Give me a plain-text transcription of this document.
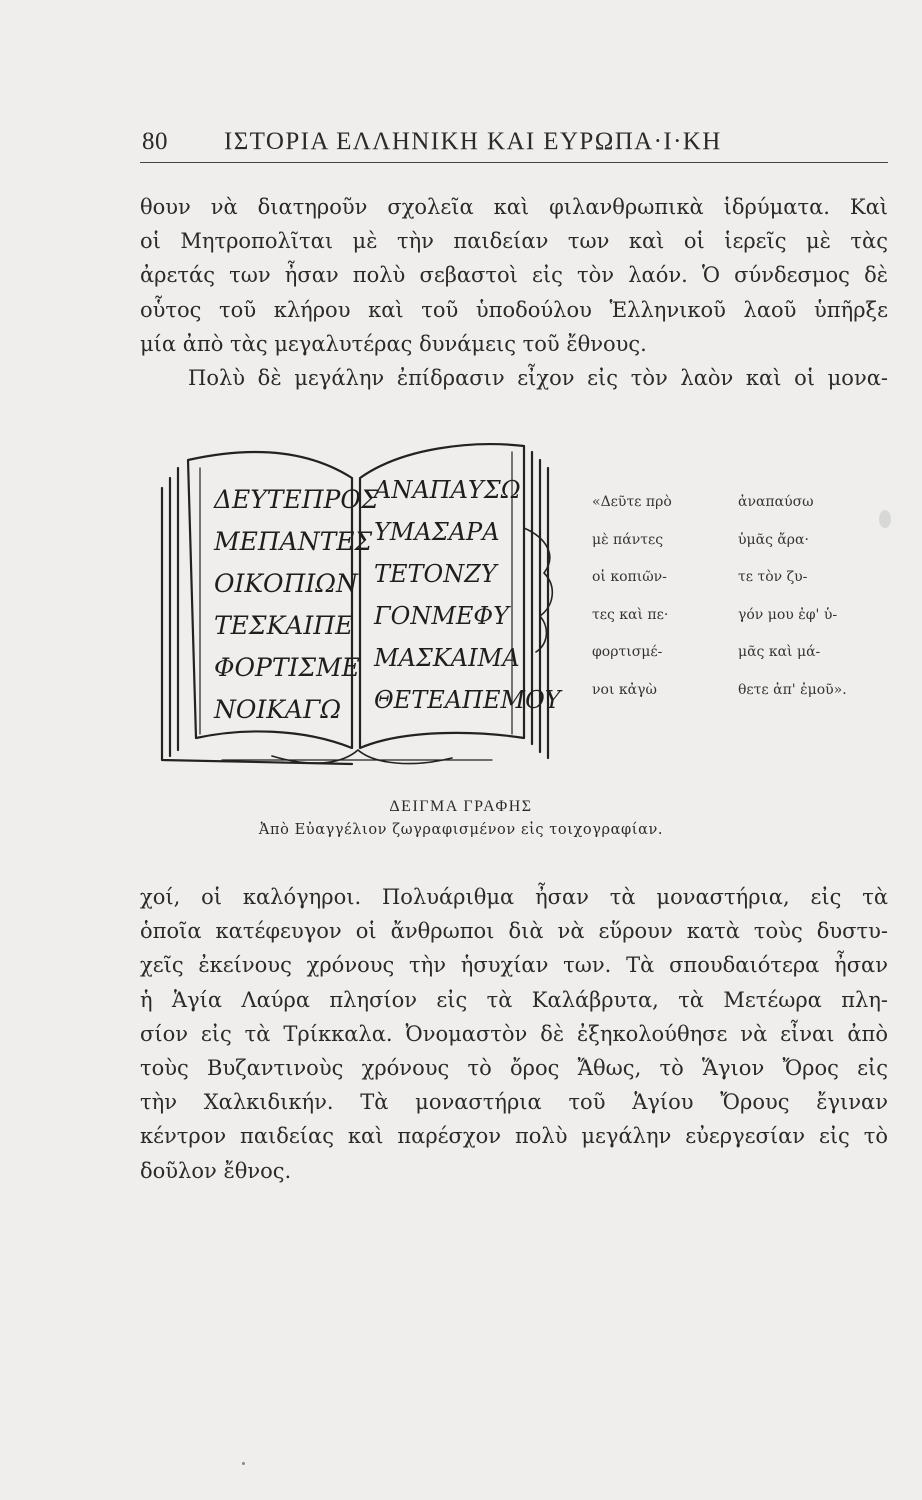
80	ΙΣΤΟΡΙΑ ΕΛΛΗΝΙΚΗ ΚΑΙ ΕΥΡΩΠΑ·Ι·ΚΗ
θουν νὰ διατηροῦν σχολεῖα καὶ φιλανθρωπικὰ ἱδρύματα. Καὶ
οἱ Μητροπολῖται μὲ τὴν παιδείαν των καὶ οἱ ἱερεῖς μὲ τὰς
ἀρετάς των ἦσαν πολὺ σεβαστοὶ εἰς τὸν λαόν. Ὁ σύνδεσμος δὲ
οὗτος τοῦ κλήρου καὶ τοῦ ὑποδούλου Ἑλληνικοῦ λαοῦ ὑπῆρξε
μία ἀπὸ τὰς μεγαλυτέρας δυνάμεις τοῦ ἔθνους.
Πολὺ δὲ μεγάλην ἐπίδρασιν εἶχον εἰς τὸν λαὸν καὶ οἱ μονα-
ΔΕΥΤΕΠΡΟΣ
ΜΕΠΑΝΤΕΣ
ΟΙΚΟΠΙΩΝ
ΤΕΣΚΑΙΠΕ
ΦΟΡΤΙΣΜΕ
ΝΟΙΚΑΓΩ
ΑΝΑΠΑΥΣΩ
ΥΜΑΣΑΡΑ
ΤΕΤΟΝΖΥ
ΓΟΝΜΕΦΥ
ΜΑΣΚΑΙΜΑ
ΘΕΤΕΑΠΕΜΟΥ
«Δεῦτε πρὸ	ἀναπαύσω
μὲ πάντες	ὑμᾶς ἄρα·
οἱ κοπιῶν-	τε τὸν ζυ-
τες καὶ πε·	γόν μου ἐφ' ὑ-
φορτισμέ-	μᾶς καὶ μά-
νοι κἀγὼ	θετε ἀπ' ἐμοῦ».
ΔΕΙΓΜΑ ΓΡΑΦΗΣ
Ἀπὸ Εὐαγγέλιον ζωγραφισμένον εἰς τοιχογραφίαν.
χοί, οἱ καλόγηροι. Πολυάριθμα ἦσαν τὰ μοναστήρια, εἰς τὰ
ὁποῖα κατέφευγον οἱ ἄνθρωποι διὰ νὰ εὕρουν κατὰ τοὺς δυστυ-
χεῖς ἐκείνους χρόνους τὴν ἡσυχίαν των. Τὰ σπουδαιότερα ἦσαν
ἡ Ἁγία Λαύρα πλησίον εἰς τὰ Καλάβρυτα, τὰ Μετέωρα πλη-
σίον εἰς τὰ Τρίκκαλα. Ὀνομαστὸν δὲ ἐξηκολούθησε νὰ εἶναι ἀπὸ
τοὺς Βυζαντινοὺς χρόνους τὸ ὄρος Ἄθως, τὸ Ἅγιον Ὄρος εἰς
τὴν Χαλκιδικήν. Τὰ μοναστήρια τοῦ Ἁγίου Ὄρους ἔγιναν
κέντρον παιδείας καὶ παρέσχον πολὺ μεγάλην εὐεργεσίαν εἰς τὸ
δοῦλον ἔθνος.
